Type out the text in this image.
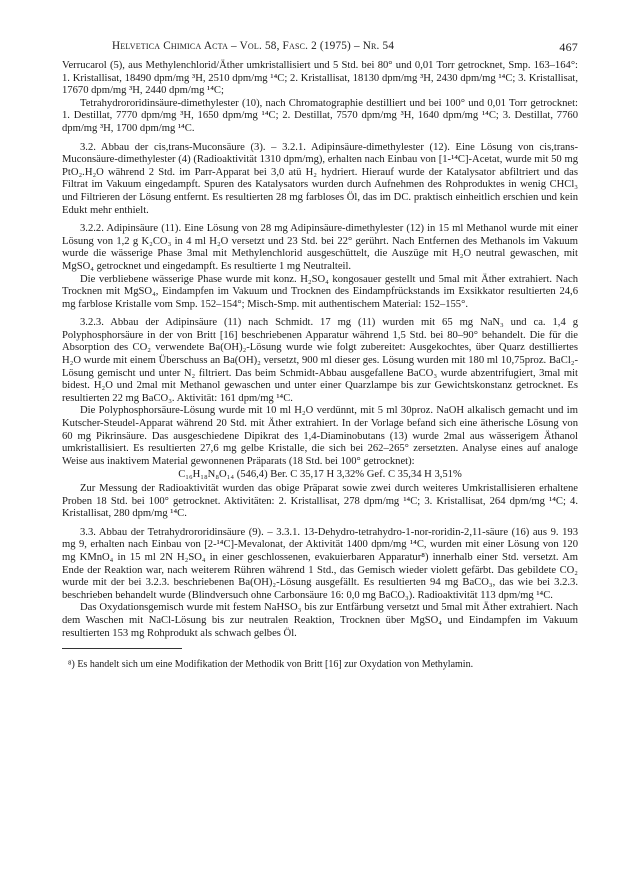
Helvetica Chimica Acta – Vol. 58, Fasc. 2 (1975) – Nr. 54	467

Verrucarol (5), aus Methylenchlorid/Äther umkristallisiert und 5 Std. bei 80° und 0,01 Torr getrocknet, Smp. 163–164°: 1. Kristallisat, 18490 dpm/mg ³H, 2510 dpm/mg ¹⁴C; 2. Kristallisat, 18130 dpm/mg ³H, 2430 dpm/mg ¹⁴C; 3. Kristallisat, 17670 dpm/mg ³H, 2440 dpm/mg ¹⁴C;

Tetrahydrororidinsäure-dimethylester (10), nach Chromatographie destilliert und bei 100° und 0,01 Torr getrocknet: 1. Destillat, 7770 dpm/mg ³H, 1650 dpm/mg ¹⁴C; 2. Destillat, 7570 dpm/mg ³H, 1640 dpm/mg ¹⁴C; 3. Destillat, 7760 dpm/mg ³H, 1700 dpm/mg ¹⁴C.

3.2. Abbau der cis,trans-Muconsäure (3). – 3.2.1. Adipinsäure-dimethylester (12). Eine Lösung von cis,trans-Muconsäure-dimethylester (4) (Radioaktivität 1310 dpm/mg), erhalten nach Einbau von [1-¹⁴C]-Acetat, wurde mit 50 mg PtO₂.H₂O während 2 Std. im Parr-Apparat bei 3,0 atü H₂ hydriert. Hierauf wurde der Katalysator abfiltriert und das Filtrat im Vakuum eingedampft. Spuren des Katalysators wurden durch Aufnehmen des Rohproduktes in wenig CHCl₃ und Filtrieren der Lösung entfernt. Es resultierten 28 mg farbloses Öl, das im DC. praktisch einheitlich erschien und kein Edukt mehr enthielt.

3.2.2. Adipinsäure (11). Eine Lösung von 28 mg Adipinsäure-dimethylester (12) in 15 ml Methanol wurde mit einer Lösung von 1,2 g K₂CO₃ in 4 ml H₂O versetzt und 23 Std. bei 22° gerührt. Nach Entfernen des Methanols im Vakuum wurde die wässerige Phase 3mal mit Methylenchlorid ausgeschüttelt, die Auszüge mit H₂O neutral gewaschen, mit MgSO₄ getrocknet und eingedampft. Es resultierte 1 mg Neutralteil.

Die verbliebene wässerige Phase wurde mit konz. H₂SO₄ kongosauer gestellt und 5mal mit Äther extrahiert. Nach Trocknen mit MgSO₄, Eindampfen im Vakuum und Trocknen des Eindampfrückstands im Exsikkator resultierten 24,6 mg farblose Kristalle vom Smp. 152–154°; Misch-Smp. mit authentischem Material: 152–155°.

3.2.3. Abbau der Adipinsäure (11) nach Schmidt. 17 mg (11) wurden mit 65 mg NaN₃ und ca. 1,4 g Polyphosphorsäure in der von Britt [16] beschriebenen Apparatur während 1,5 Std. bei 80–90° behandelt. Die für die Absorption des CO₂ verwendete Ba(OH)₂-Lösung wurde wie folgt zubereitet: Ausgekochtes, über Quarz destilliertes H₂O wurde mit einem Überschuss an Ba(OH)₂ versetzt, 900 ml dieser ges. Lösung wurden mit 180 ml 10,75proz. BaCl₂-Lösung gemischt und unter N₂ filtriert. Das beim Schmidt-Abbau ausgefallene BaCO₃ wurde abzentrifugiert, 3mal mit bidest. H₂O und 2mal mit Methanol gewaschen und unter einer Quarzlampe bis zur Gewichtskonstanz getrocknet. Es resultierten 22 mg BaCO₃. Aktivität: 161 dpm/mg ¹⁴C.

Die Polyphosphorsäure-Lösung wurde mit 10 ml H₂O verdünnt, mit 5 ml 30proz. NaOH alkalisch gemacht und im Kutscher-Steudel-Apparat während 20 Std. mit Äther extrahiert. In der Vorlage befand sich eine ätherische Lösung von 60 mg Pikrinsäure. Das ausgeschiedene Dipikrat des 1,4-Diaminobutans (13) wurde 2mal aus wässerigem Äthanol umkristallisiert. Es resultierten 27,6 mg gelbe Kristalle, die sich bei 262–265° zersetzten. Analyse eines auf analoge Weise aus inaktivem Material gewonnenen Präparats (18 Std. bei 100° getrocknet):

C₁₆H₁₈N₈O₁₄ (546,4) Ber. C 35,17 H 3,32% Gef. C 35,34 H 3,51%

Zur Messung der Radioaktivität wurden das obige Präparat sowie zwei durch weiteres Umkristallisieren erhaltene Proben 18 Std. bei 100° getrocknet. Aktivitäten: 2. Kristallisat, 278 dpm/mg ¹⁴C; 3. Kristallisat, 264 dpm/mg ¹⁴C; 4. Kristallisat, 280 dpm/mg ¹⁴C.

3.3. Abbau der Tetrahydrororidinsäure (9). – 3.3.1. 13-Dehydro-tetrahydro-1-nor-roridin-2,11-säure (16) aus 9. 193 mg 9, erhalten nach Einbau von [2-¹⁴C]-Mevalonat, der Aktivität 1400 dpm/mg ¹⁴C, wurden mit einer Lösung von 120 mg KMnO₄ in 15 ml 2N H₂SO₄ in einer geschlossenen, evakuierbaren Apparatur⁸) innerhalb einer Std. versetzt. Am Ende der Reaktion war, nach weiterem Rühren während 1 Std., das Gemisch wieder violett gefärbt. Das gebildete CO₂ wurde mit der bei 3.2.3. beschriebenen Ba(OH)₂-Lösung ausgefällt. Es resultierten 94 mg BaCO₃, das wie bei 3.2.3. beschrieben behandelt wurde (Blindversuch ohne Carbonsäure 16: 0,0 mg BaCO₃). Radioaktivität 113 dpm/mg ¹⁴C.

Das Oxydationsgemisch wurde mit festem NaHSO₃ bis zur Entfärbung versetzt und 5mal mit Äther extrahiert. Nach dem Waschen mit NaCl-Lösung bis zur neutralen Reaktion, Trocknen über MgSO₄ und Eindampfen im Vakuum resultierten 153 mg Rohprodukt als schwach gelbes Öl.

⁸) Es handelt sich um eine Modifikation der Methodik von Britt [16] zur Oxydation von Methylamin.
